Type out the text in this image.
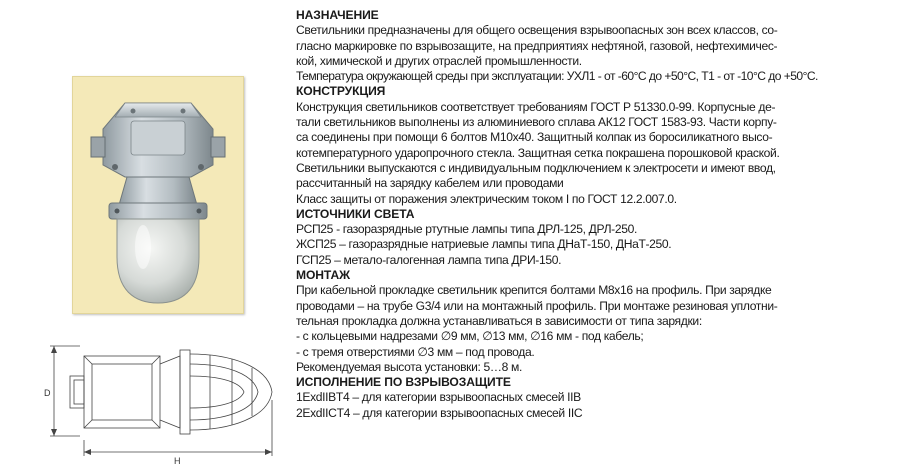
D
H
НАЗНАЧЕНИЕ
Светильники предназначены для общего освещения взрывоопасных зон всех классов, со-
гласно маркировке по взрывозащите, на предприятиях нефтяной, газовой, нефтехимичес-
кой, химической и других отраслей промышленности.
Температура окружающей среды при эксплуатации: УХЛ1 - от -60°С до +50°С, Т1 - от -10°С до +50°С.
КОНСТРУКЦИЯ
Конструкция светильников соответствует требованиям ГОСТ Р 51330.0-99. Корпусные де-
тали светильников выполнены из алюминиевого сплава АК12 ГОСТ 1583-93. Части корпу-
са соединены при помощи 6 болтов М10х40. Защитный колпак из боросиликатного высо-
котемпературного ударопрочного стекла. Защитная сетка покрашена порошковой краской.
Светильники выпускаются с индивидуальным подключением к электросети и имеют ввод,
рассчитанный на зарядку кабелем или проводами
Класс защиты от поражения электрическим током I по ГОСТ 12.2.007.0.
ИСТОЧНИКИ СВЕТА
РСП25 - газоразрядные ртутные лампы типа ДРЛ-125, ДРЛ-250.
ЖСП25 – газоразрядные натриевые лампы типа ДНаТ-150, ДНаТ-250.
ГСП25 – метало-галогенная лампа типа ДРИ-150.
МОНТАЖ
При кабельной прокладке светильник крепится болтами М8х16 на профиль. При зарядке
проводами – на трубе G3/4 или на монтажный профиль. При монтаже резиновая уплотни-
тельная прокладка должна устанавливаться в зависимости от типа зарядки:
- с кольцевыми надрезами ∅9 мм, ∅13 мм, ∅16 мм - под кабель;
- с тремя отверстиями ∅3 мм – под провода.
Рекомендуемая высота установки: 5…8 м.
ИСПОЛНЕНИЕ ПО ВЗРЫВОЗАЩИТЕ
1ExdIIBT4 – для категории взрывоопасных смесей IIB
2ExdIICT4 – для категории взрывоопасных смесей IIC
